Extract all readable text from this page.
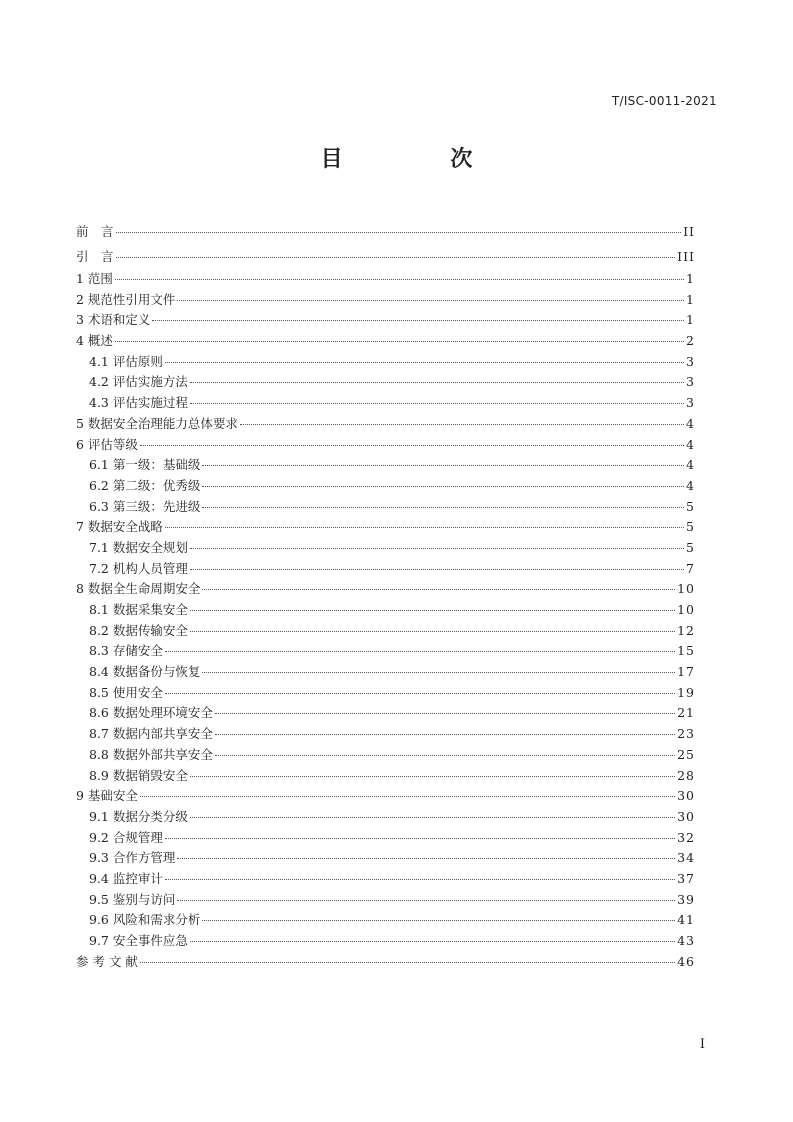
T/ISC-0011-2021
目 次
前　言	II
引　言	III
1 范围	1
2 规范性引用文件	1
3 术语和定义	1
4 概述	2
4.1 评估原则	3
4.2 评估实施方法	3
4.3 评估实施过程	3
5 数据安全治理能力总体要求	4
6 评估等级	4
6.1 第一级：基础级	4
6.2 第二级：优秀级	4
6.3 第三级：先进级	5
7 数据安全战略	5
7.1 数据安全规划	5
7.2 机构人员管理	7
8 数据全生命周期安全	10
8.1 数据采集安全	10
8.2 数据传输安全	12
8.3 存储安全	15
8.4 数据备份与恢复	17
8.5 使用安全	19
8.6 数据处理环境安全	21
8.7 数据内部共享安全	23
8.8 数据外部共享安全	25
8.9 数据销毁安全	28
9 基础安全	30
9.1 数据分类分级	30
9.2 合规管理	32
9.3 合作方管理	34
9.4 监控审计	37
9.5 鉴别与访问	39
9.6 风险和需求分析	41
9.7 安全事件应急	43
参 考 文 献	46
I
